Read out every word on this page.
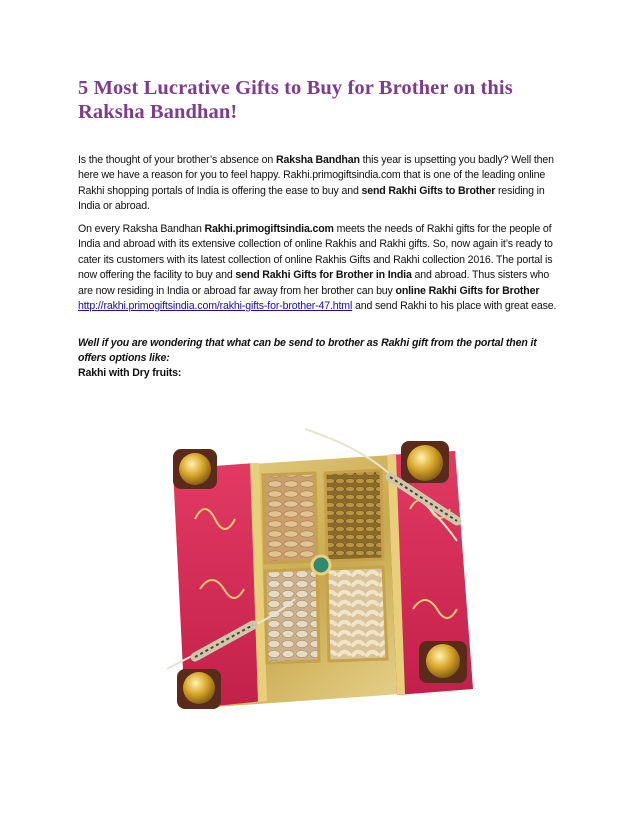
5 Most Lucrative Gifts to Buy for Brother on this Raksha Bandhan!

Is the thought of your brother’s absence on Raksha Bandhan this year is upsetting you badly? Well then here we have a reason for you to feel happy. Rakhi.primogiftsindia.com that is one of the leading online Rakhi shopping portals of India is offering the ease to buy and send Rakhi Gifts to Brother residing in India or abroad.

On every Raksha Bandhan Rakhi.primogiftsindia.com meets the needs of Rakhi gifts for the people of India and abroad with its extensive collection of online Rakhis and Rakhi gifts. So, now again it’s ready to cater its customers with its latest collection of online Rakhis Gifts and Rakhi collection 2016. The portal is now offering the facility to buy and send Rakhi Gifts for Brother in India and abroad. Thus sisters who are now residing in India or abroad far away from her brother can buy online Rakhi Gifts for Brother http://rakhi.primogiftsindia.com/rakhi-gifts-for-brother-47.html and send Rakhi to his place with great ease.

Well if you are wondering that what can be send to brother as Rakhi gift from the portal then it offers options like:

Rakhi with Dry fruits:
